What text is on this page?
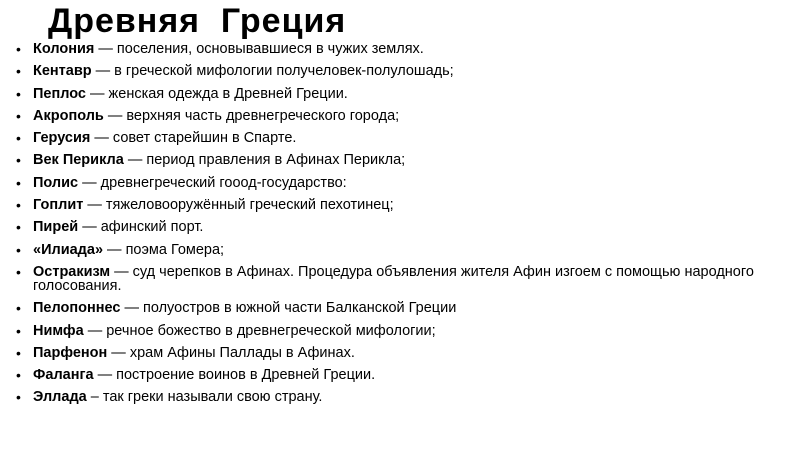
Древняя  Греция
• Колония — поселения, основывавшиеся в чужих землях.
• Кентавр — в греческой мифологии получеловек-полулошадь;
• Пеплос — женская одежда в Древней Греции.
• Акрополь — верхняя часть древнегреческого города;
• Герусия — совет старейшин в Спарте.
• Век Перикла — период правления в Афинах Перикла;
• Полис — древнегреческий гооод-государство:
• Гоплит — тяжеловооружённый греческий пехотинец;
• Пирей — афинский порт.
• «Илиада» — поэма Гомера;
• Остракизм — суд черепков в Афинах. Процедура объявления жителя Афин изгоем с помощью народного голосования.
• Пелопоннес — полуостров в южной части Балканской Греции
• Нимфа — речное божество в древнегреческой мифологии;
• Парфенон — храм Афины Паллады в Афинах.
• Фаланга — построение воинов в Древней Греции.
• Эллада – так греки называли свою страну.
